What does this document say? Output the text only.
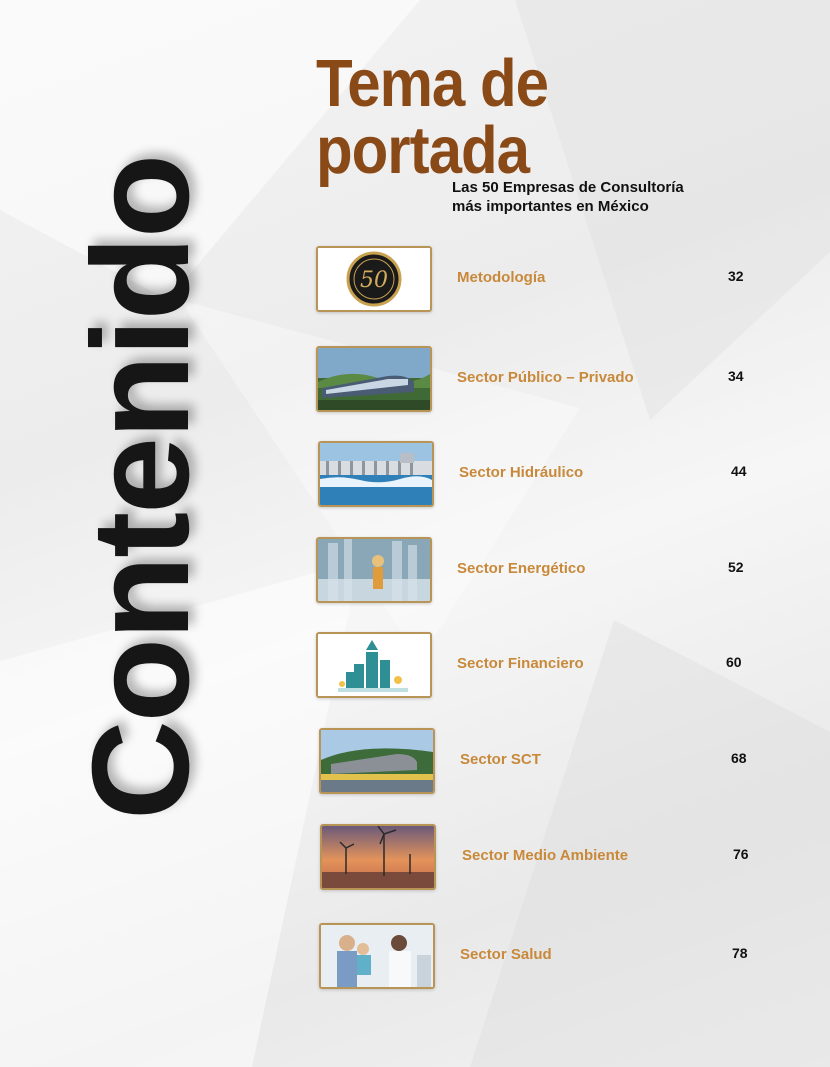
Contenido
Tema de portada
Las 50 Empresas de Consultoría
más importantes en México
50	Metodología	32
Sector Público – Privado	34
Sector Hidráulico	44
Sector Energético	52
Sector Financiero	60
Sector SCT	68
Sector Medio Ambiente	76
Sector Salud	78
